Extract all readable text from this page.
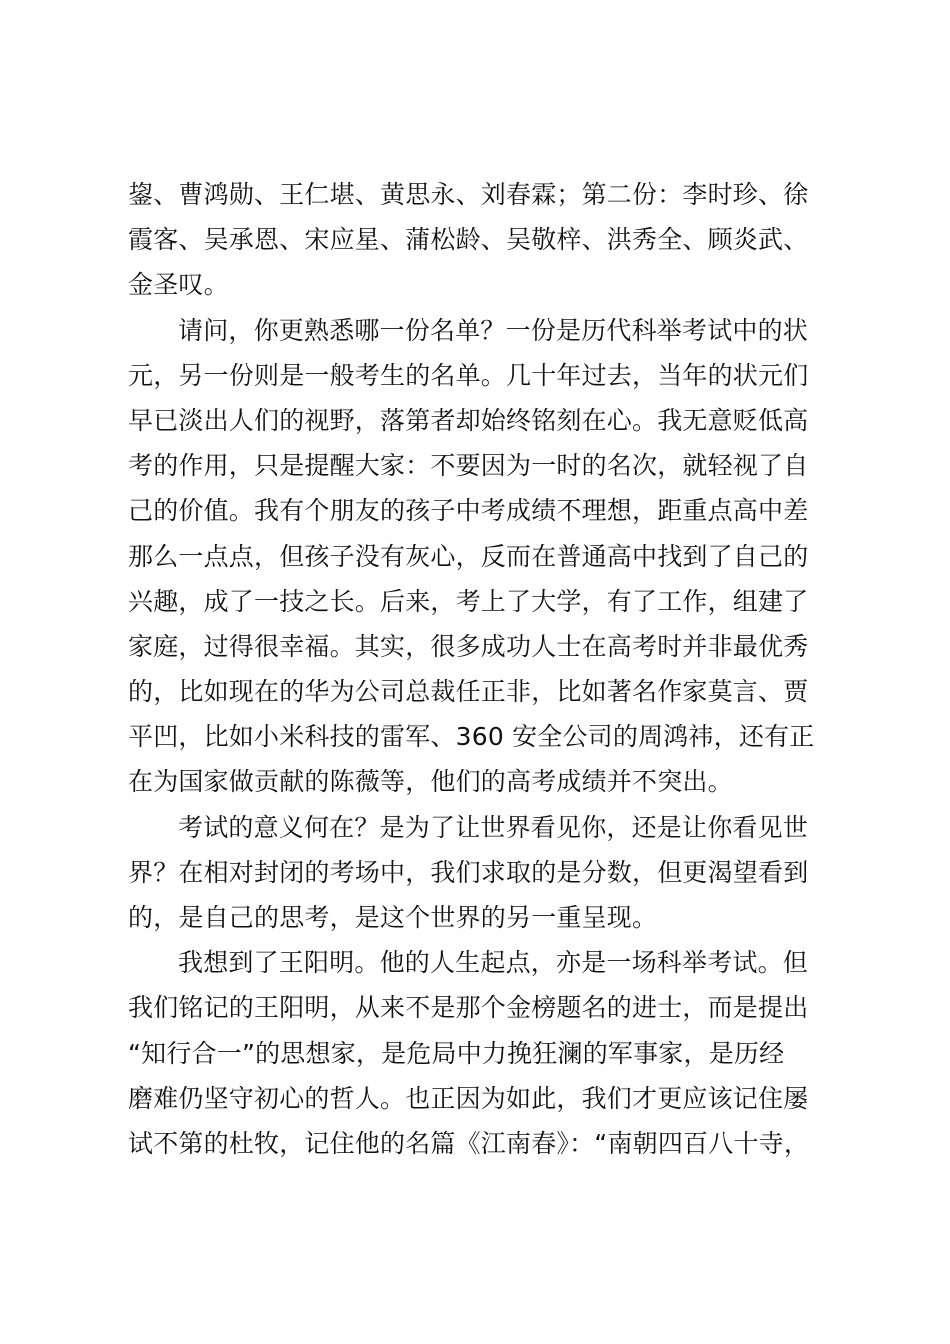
鋆、曹鸿勋、王仁堪、黄思永、刘春霖；第二份：李时珍、徐
霞客、吴承恩、宋应星、蒲松龄、吴敬梓、洪秀全、顾炎武、
金圣叹。
请问，你更熟悉哪一份名单？一份是历代科举考试中的状
元，另一份则是一般考生的名单。几十年过去，当年的状元们
早已淡出人们的视野，落第者却始终铭刻在心。我无意贬低高
考的作用，只是提醒大家：不要因为一时的名次，就轻视了自
己的价值。我有个朋友的孩子中考成绩不理想，距重点高中差
那么一点点，但孩子没有灰心，反而在普通高中找到了自己的
兴趣，成了一技之长。后来，考上了大学，有了工作，组建了
家庭，过得很幸福。其实，很多成功人士在高考时并非最优秀
的，比如现在的华为公司总裁任正非，比如著名作家莫言、贾
平凹，比如小米科技的雷军、360 安全公司的周鸿祎，还有正
在为国家做贡献的陈薇等，他们的高考成绩并不突出。
考试的意义何在？是为了让世界看见你，还是让你看见世
界？在相对封闭的考场中，我们求取的是分数，但更渴望看到
的，是自己的思考，是这个世界的另一重呈现。
我想到了王阳明。他的人生起点，亦是一场科举考试。但
我们铭记的王阳明，从来不是那个金榜题名的进士，而是提出
“知行合一”的思想家，是危局中力挽狂澜的军事家，是历经
磨难仍坚守初心的哲人。也正因为如此，我们才更应该记住屡
试不第的杜牧，记住他的名篇《江南春》：“南朝四百八十寺，
